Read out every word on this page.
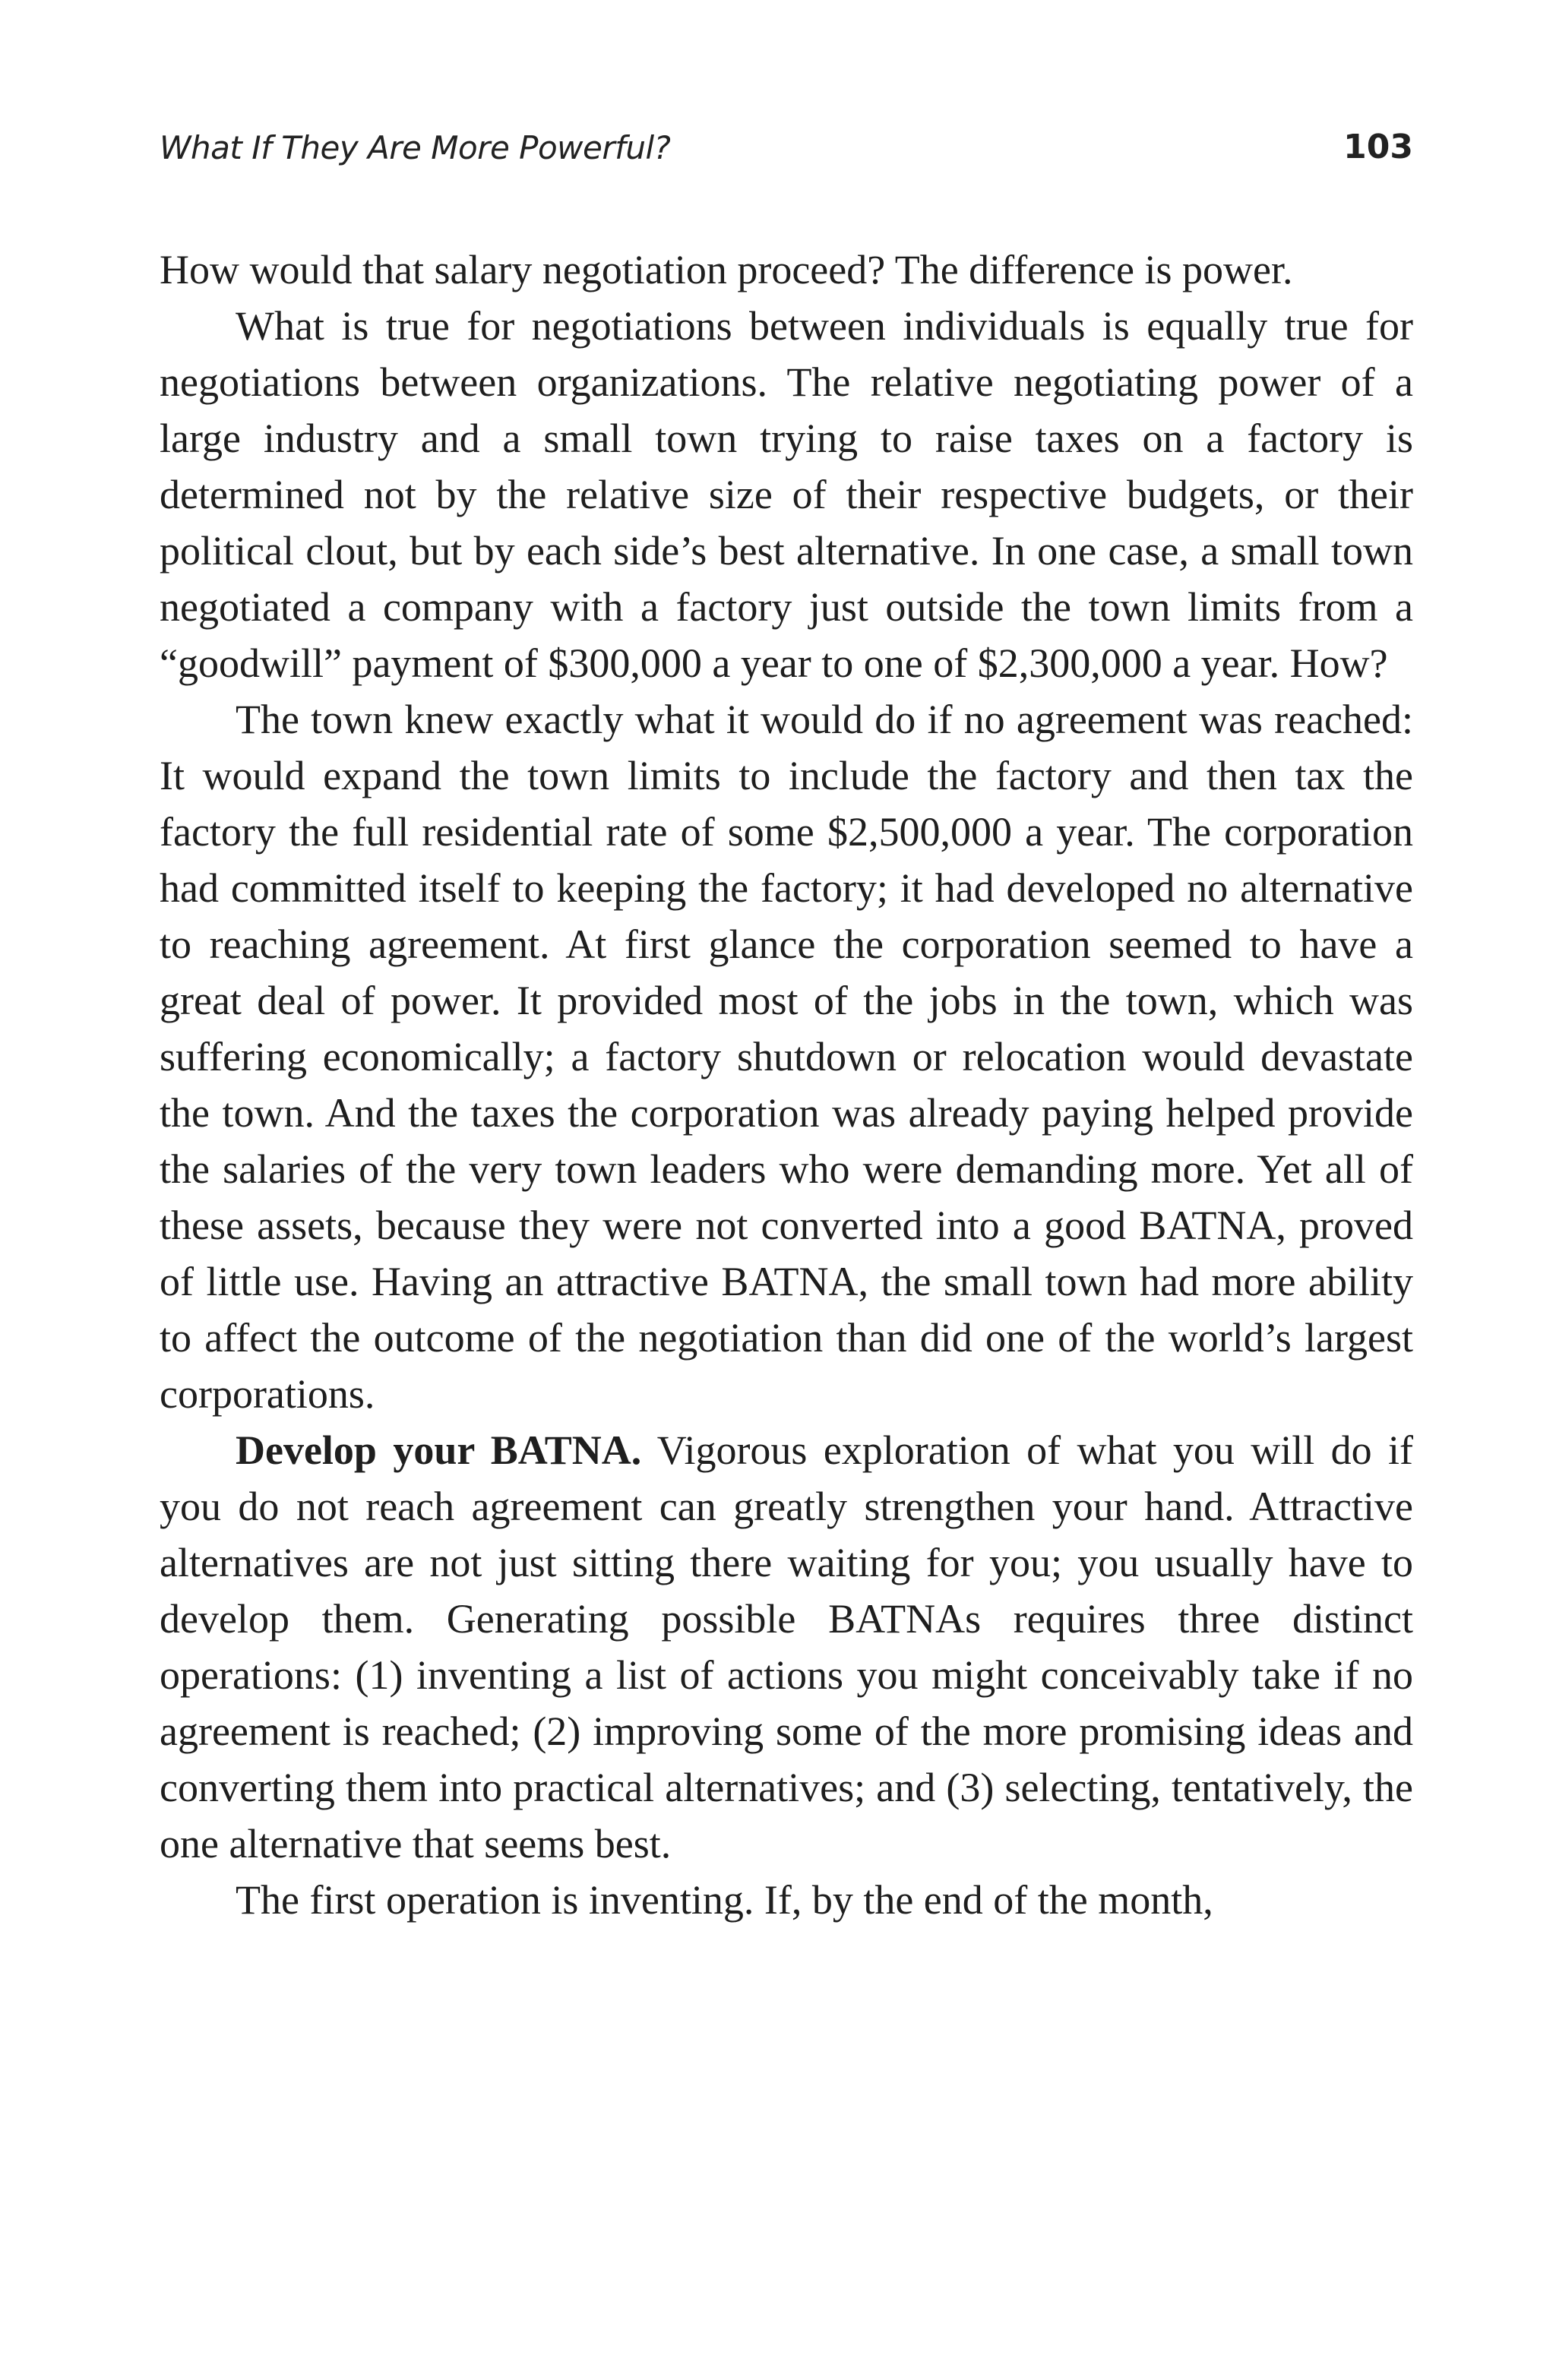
What If They Are More Powerful?	103

How would that salary negotiation proceed? The difference is power.

What is true for negotiations between individuals is equally true for negotiations between organizations. The relative negotiating power of a large industry and a small town trying to raise taxes on a factory is determined not by the relative size of their respective budgets, or their political clout, but by each side’s best alternative. In one case, a small town negotiated a company with a factory just outside the town limits from a “goodwill” payment of $300,000 a year to one of $2,300,000 a year. How?

The town knew exactly what it would do if no agreement was reached: It would expand the town limits to include the factory and then tax the factory the full residential rate of some $2,500,000 a year. The corporation had committed itself to keeping the factory; it had developed no alternative to reaching agreement. At first glance the corporation seemed to have a great deal of power. It provided most of the jobs in the town, which was suffering economically; a factory shutdown or relocation would devastate the town. And the taxes the corporation was already paying helped provide the salaries of the very town leaders who were demanding more. Yet all of these assets, because they were not converted into a good BATNA, proved of little use. Having an attractive BATNA, the small town had more ability to affect the outcome of the negotiation than did one of the world’s largest corporations.

Develop your BATNA. Vigorous exploration of what you will do if you do not reach agreement can greatly strengthen your hand. Attractive alternatives are not just sitting there waiting for you; you usually have to develop them. Generating possible BATNAs requires three distinct operations: (1) inventing a list of actions you might conceivably take if no agreement is reached; (2) improving some of the more promising ideas and converting them into practical alternatives; and (3) selecting, tentatively, the one alternative that seems best.

The first operation is inventing. If, by the end of the month,
